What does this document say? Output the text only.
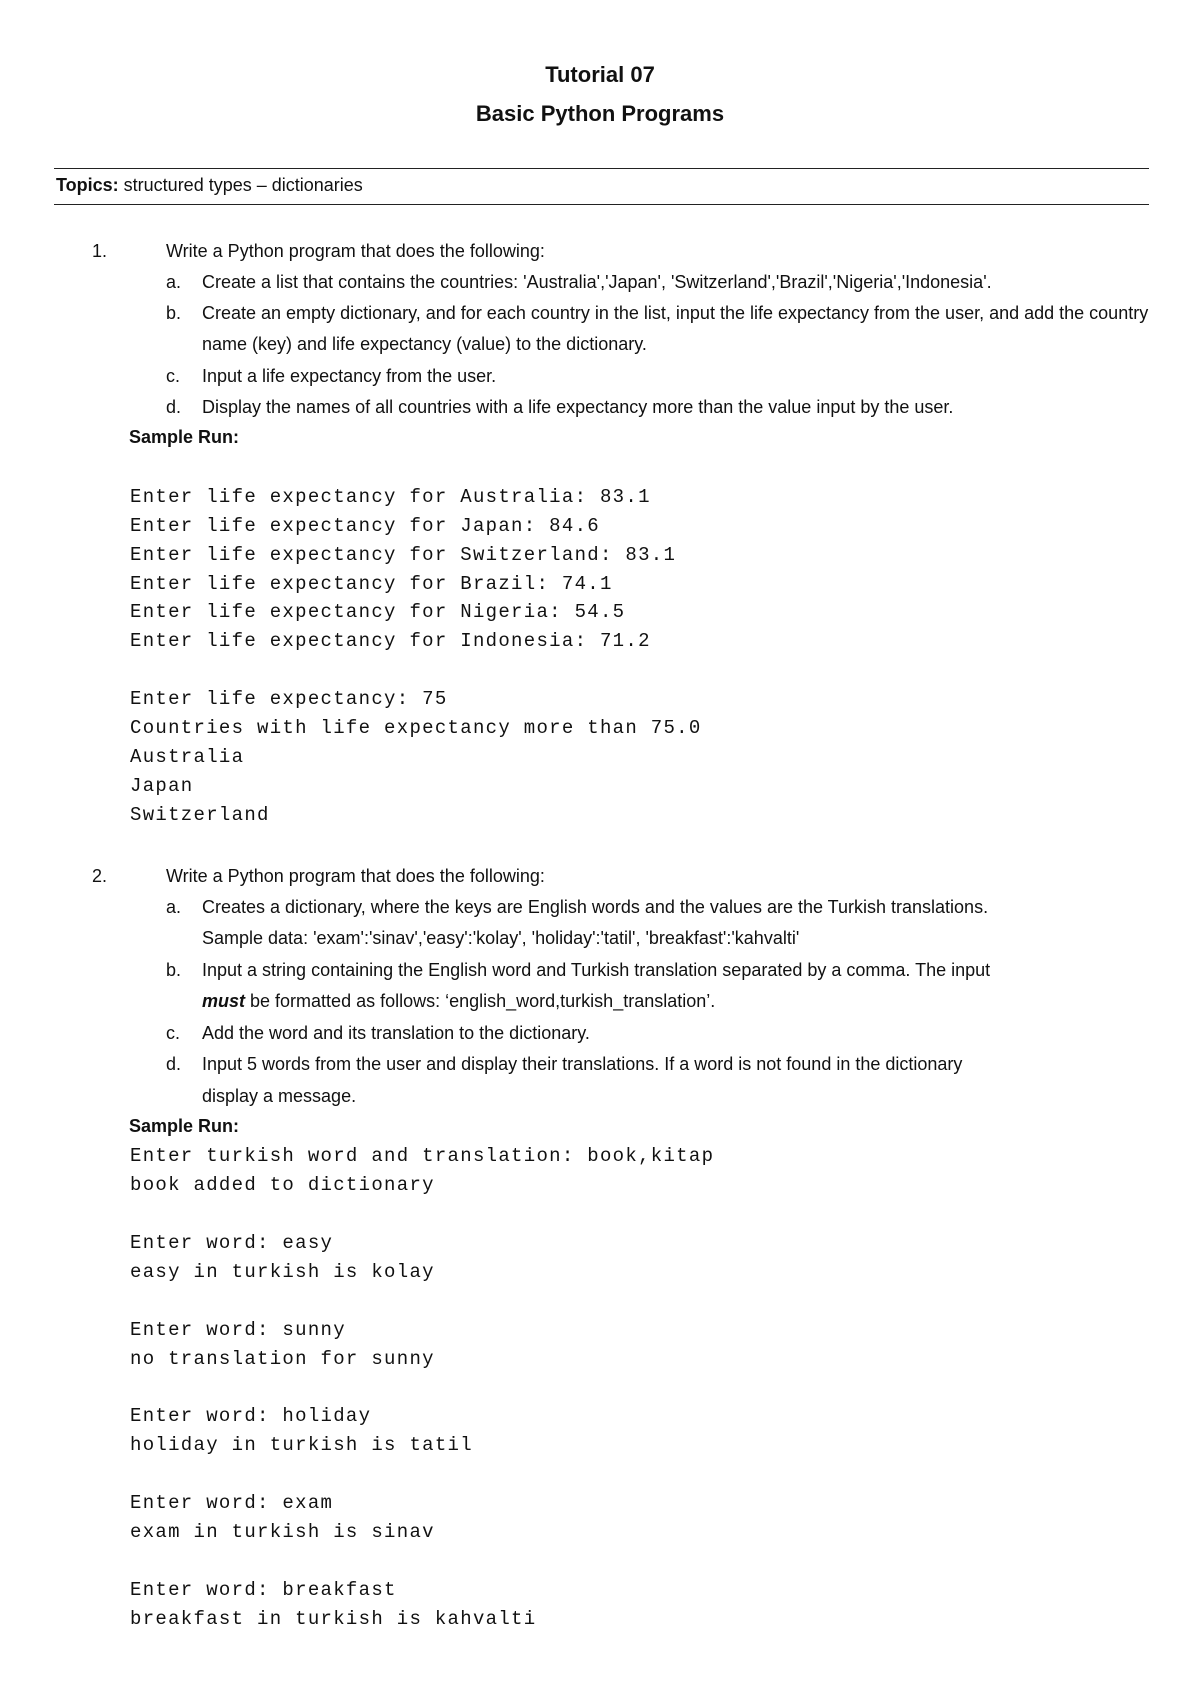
Tutorial 07
Basic Python Programs
Topics: structured types – dictionaries
1.	Write a Python program that does the following:
a. Create a list that contains the countries: 'Australia','Japan', 'Switzerland','Brazil','Nigeria','Indonesia'.
b. Create an empty dictionary, and for each country in the list, input the life expectancy from the user, and add the country name (key) and life expectancy (value) to the dictionary.
c. Input a life expectancy from the user.
d. Display the names of all countries with a life expectancy more than the value input by the user.
Sample Run:
Enter life expectancy for Australia: 83.1
Enter life expectancy for Japan: 84.6
Enter life expectancy for Switzerland: 83.1
Enter life expectancy for Brazil: 74.1
Enter life expectancy for Nigeria: 54.5
Enter life expectancy for Indonesia: 71.2
Enter life expectancy: 75
Countries with life expectancy more than 75.0
Australia
Japan
Switzerland
2.	Write a Python program that does the following:
a. Creates a dictionary, where the keys are English words and the values are the Turkish translations.
Sample data: 'exam':'sinav','easy':'kolay', 'holiday':'tatil', 'breakfast':'kahvalti'
b. Input a string containing the English word and Turkish translation separated by a comma. The input
must be formatted as follows: ‘english_word,turkish_translation’.
c. Add the word and its translation to the dictionary.
d. Input 5 words from the user and display their translations. If a word is not found in the dictionary
display a message.
Sample Run:
Enter turkish word and translation: book,kitap
book added to dictionary
Enter word: easy
easy in turkish is kolay
Enter word: sunny
no translation for sunny
Enter word: holiday
holiday in turkish is tatil
Enter word: exam
exam in turkish is sinav
Enter word: breakfast
breakfast in turkish is kahvalti
